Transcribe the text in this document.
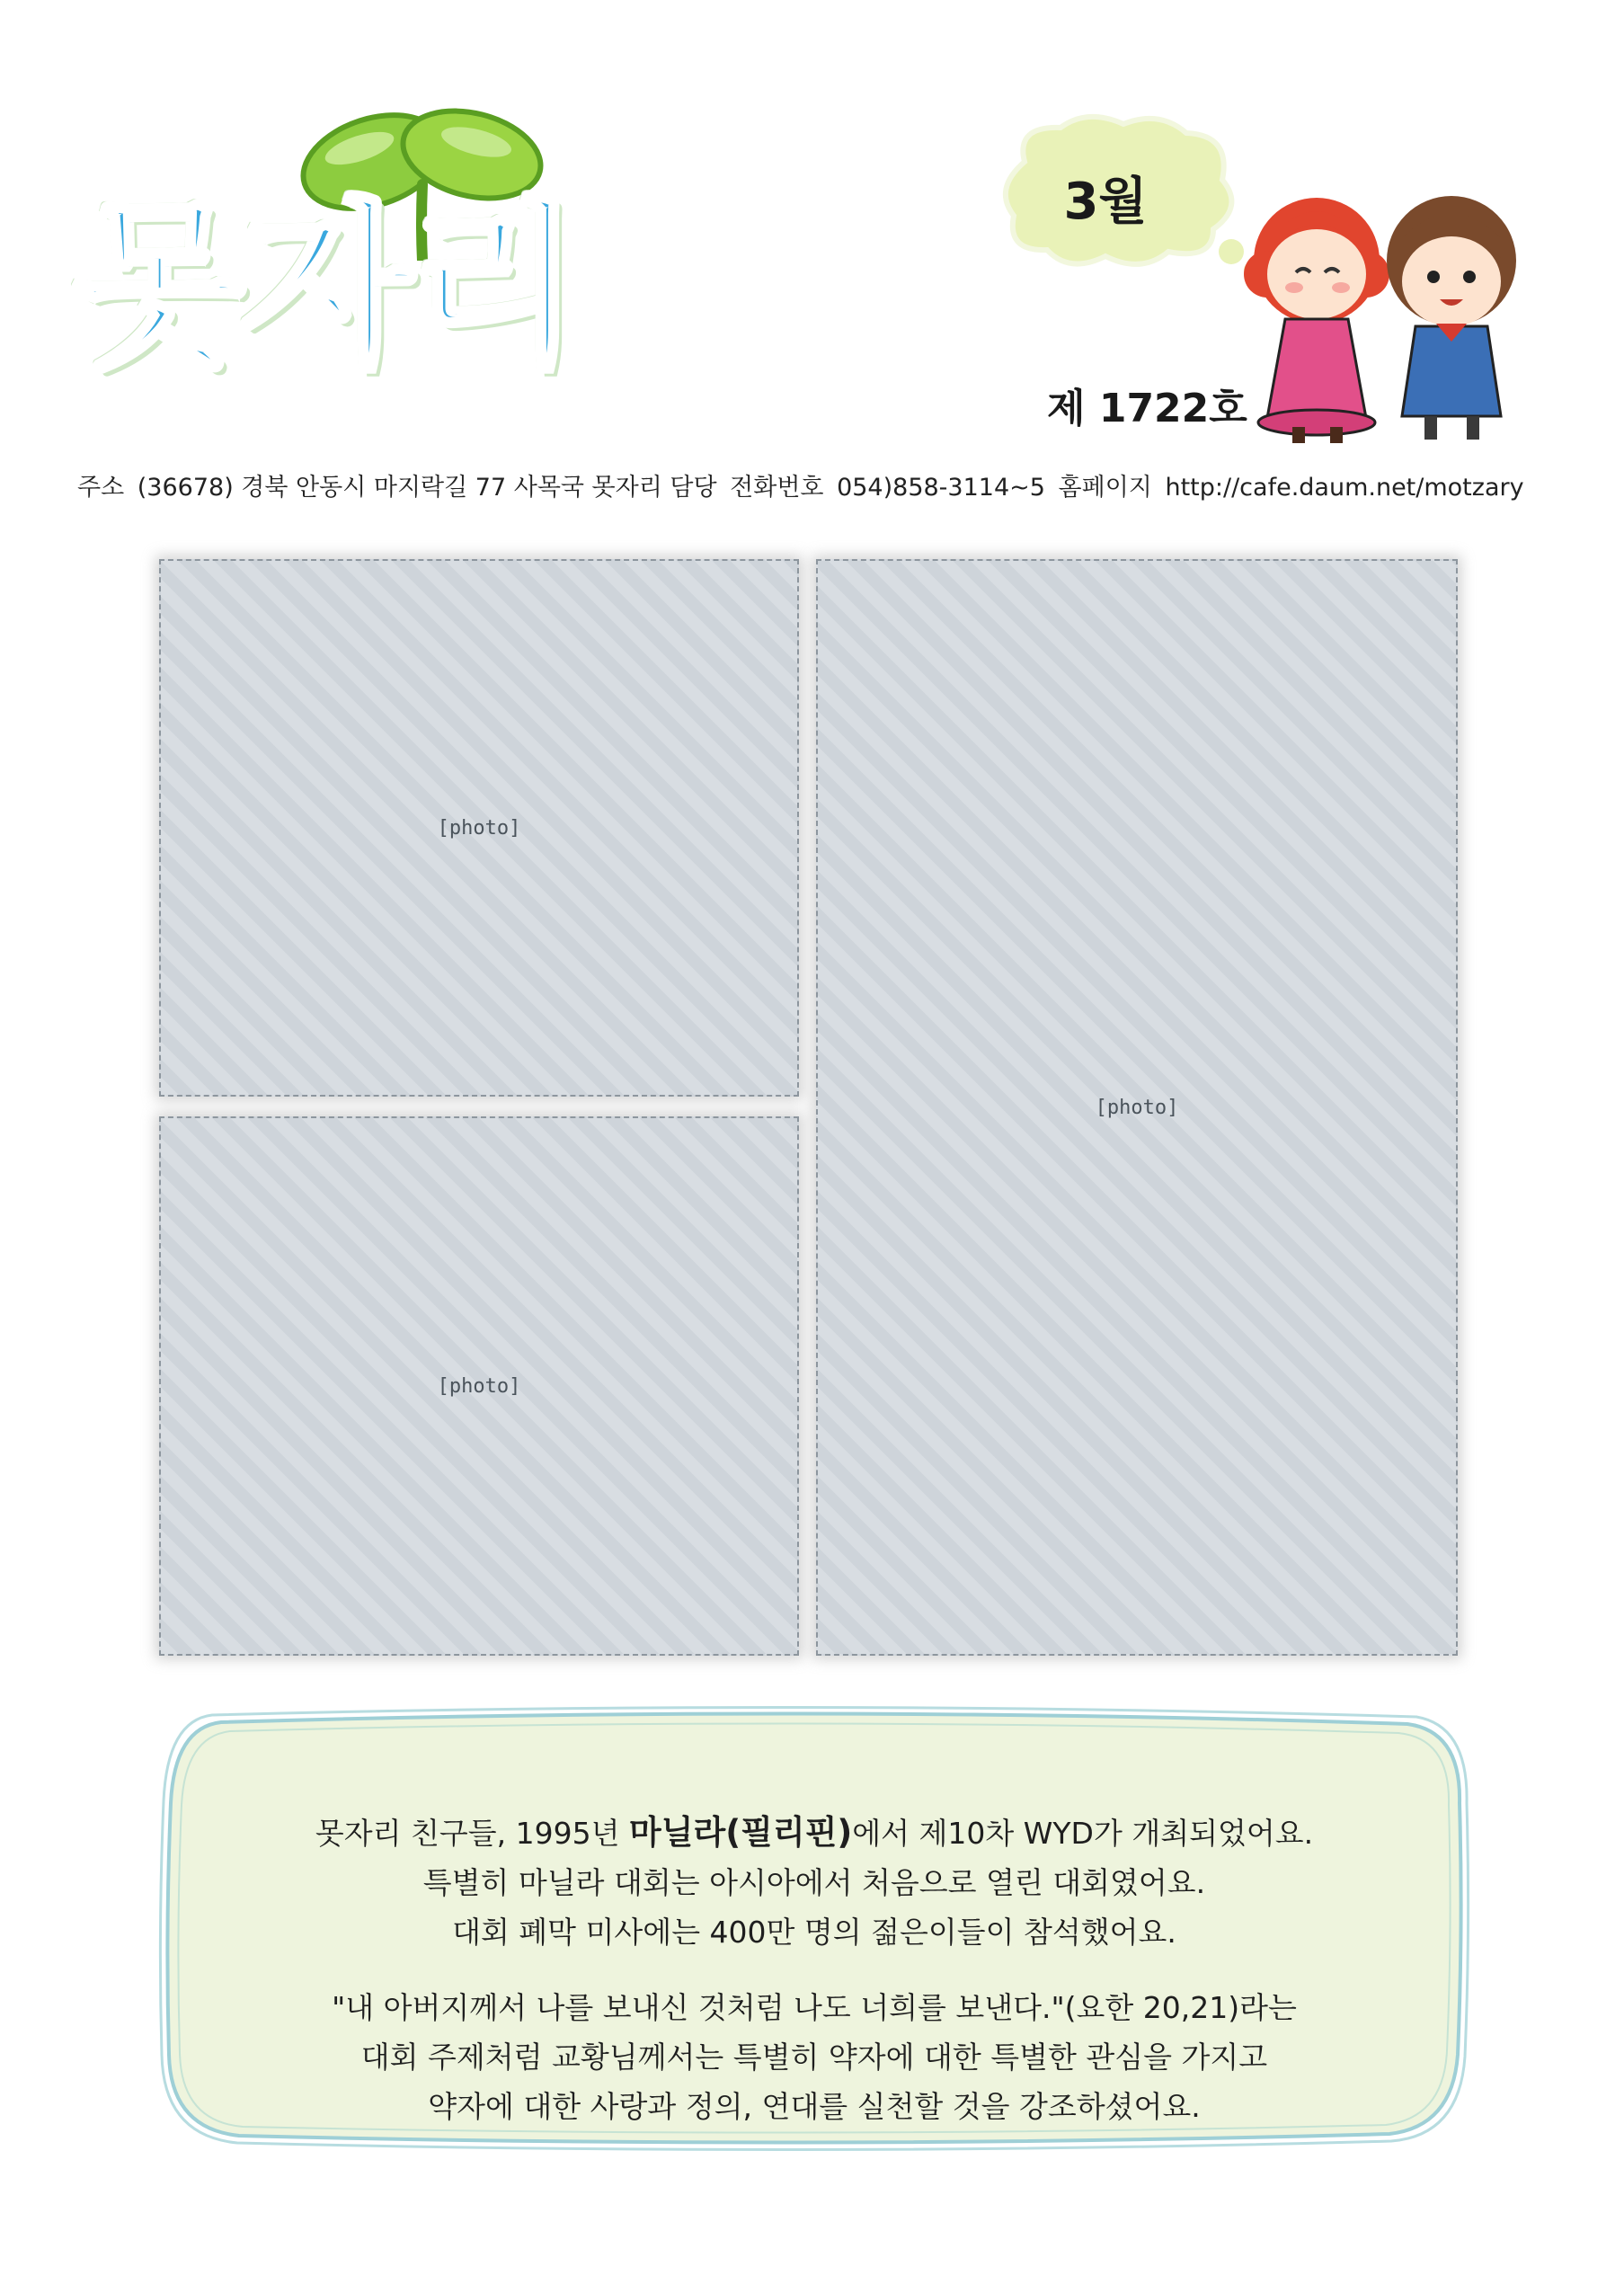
못자리	3월
제 1722호
주소 (36678) 경북 안동시 마지락길 77 사목국 못자리 담당 전화번호 054)858-3114~5 홈페이지 http://cafe.daum.net/motzary
[photo]
[photo]
[photo]
못자리 친구들, 1995년 마닐라(필리핀)에서 제10차 WYD가 개최되었어요.
특별히 마닐라 대회는 아시아에서 처음으로 열린 대회였어요.
대회 폐막 미사에는 400만 명의 젊은이들이 참석했어요.
"내 아버지께서 나를 보내신 것처럼 나도 너희를 보낸다."(요한 20,21)라는
대회 주제처럼 교황님께서는 특별히 약자에 대한 특별한 관심을 가지고
약자에 대한 사랑과 정의, 연대를 실천할 것을 강조하셨어요.
